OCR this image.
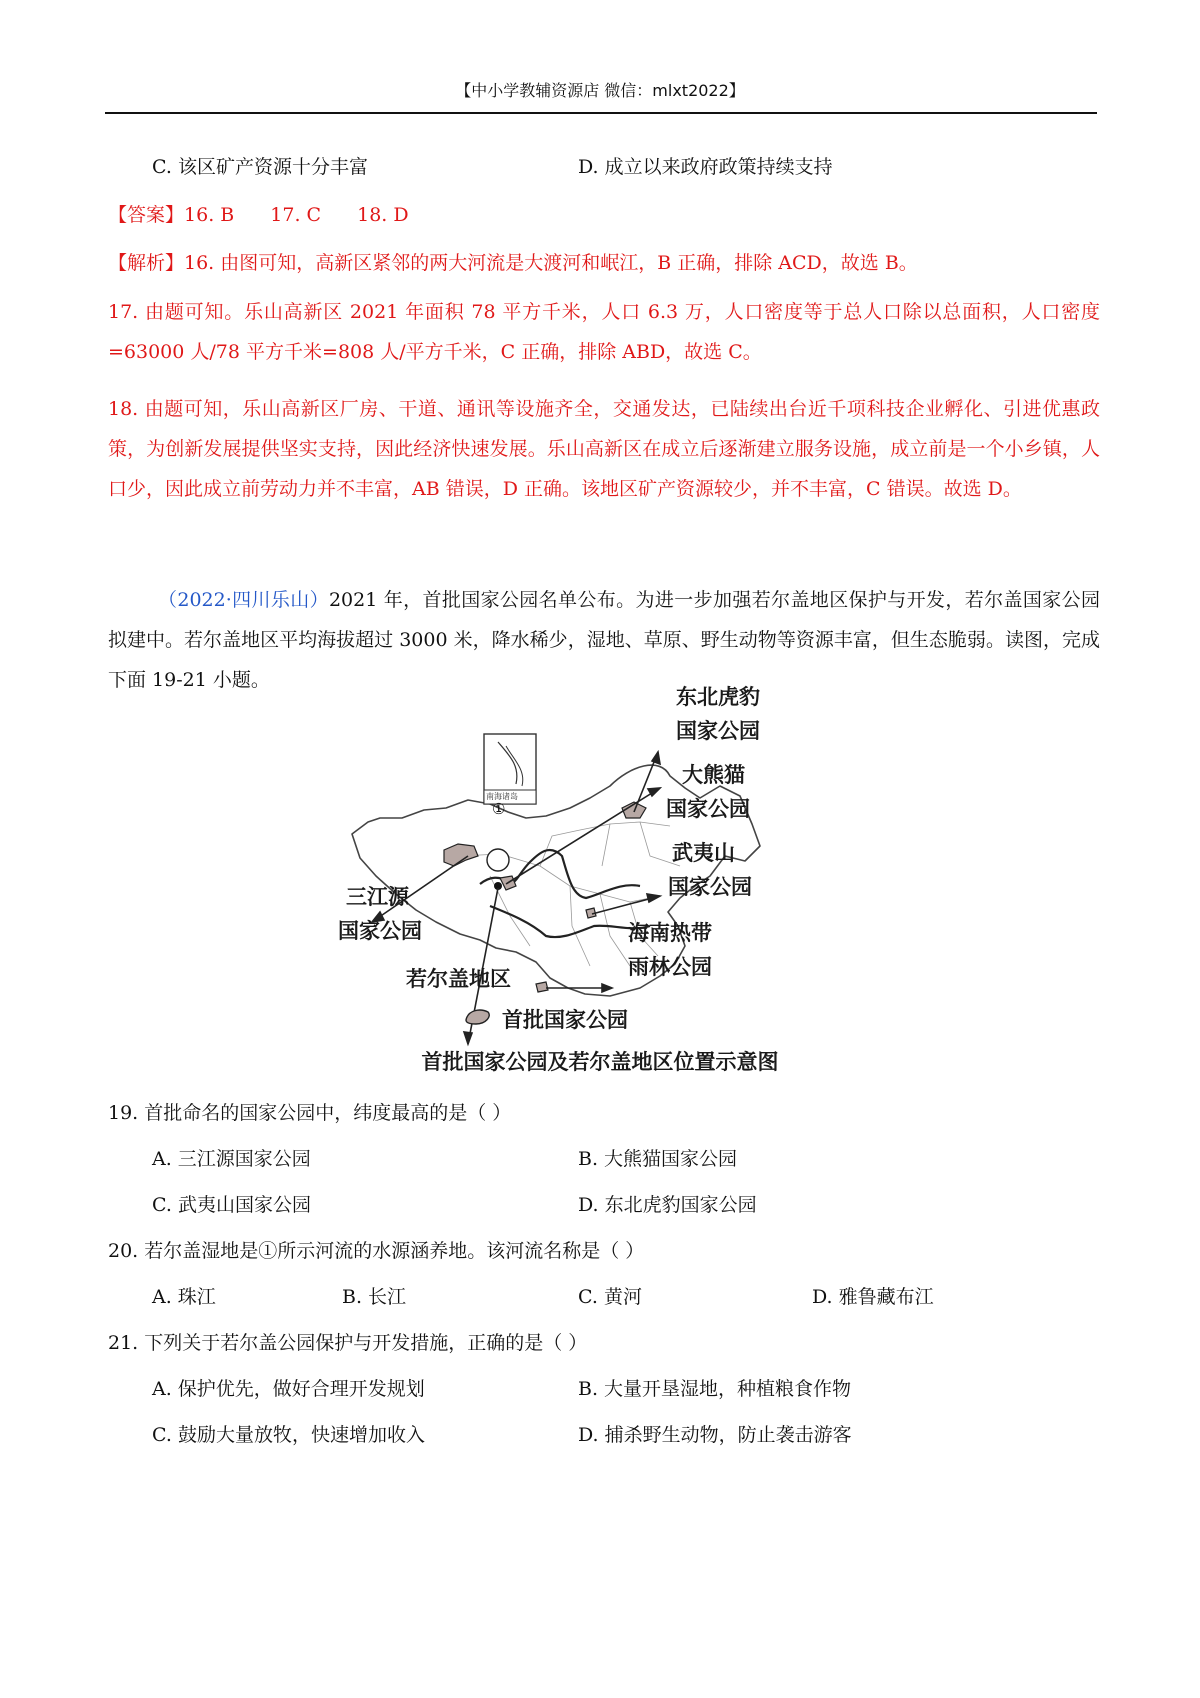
【中小学教辅资源店 微信：mlxt2022】
C. 该区矿产资源十分丰富	D. 成立以来政府政策持续支持
【答案】16. B 17. C 18. D
【解析】16. 由图可知，高新区紧邻的两大河流是大渡河和岷江，B 正确，排除 ACD，故选 B。
17. 由题可知。乐山高新区 2021 年面积 78 平方千米，人口 6.3 万，人口密度等于总人口除以总面积，人口密度=63000 人/78 平方千米=808 人/平方千米，C 正确，排除 ABD，故选 C。
18. 由题可知，乐山高新区厂房、干道、通讯等设施齐全，交通发达，已陆续出台近千项科技企业孵化、引进优惠政策，为创新发展提供坚实支持，因此经济快速发展。乐山高新区在成立后逐渐建立服务设施，成立前是一个小乡镇，人口少，因此成立前劳动力并不丰富，AB 错误，D 正确。该地区矿产资源较少，并不丰富，C 错误。故选 D。
（2022·四川乐山）2021 年，首批国家公园名单公布。为进一步加强若尔盖地区保护与开发，若尔盖国家公园拟建中。若尔盖地区平均海拔超过 3000 米，降水稀少，湿地、草原、野生动物等资源丰富，但生态脆弱。读图，完成下面 19-21 小题。
①
南海诸岛
东北虎豹
国家公园
大熊猫
国家公园
武夷山
国家公园
三江源
国家公园	海南热带
雨林公园
若尔盖地区
首批国家公园
首批国家公园及若尔盖地区位置示意图
19. 首批命名的国家公园中，纬度最高的是（ ）
A. 三江源国家公园	B. 大熊猫国家公园
C. 武夷山国家公园	D. 东北虎豹国家公园
20. 若尔盖湿地是①所示河流的水源涵养地。该河流名称是（ ）
A. 珠江	B. 长江	C. 黄河	D. 雅鲁藏布江
21. 下列关于若尔盖公园保护与开发措施，正确的是（ ）
A. 保护优先，做好合理开发规划	B. 大量开垦湿地，种植粮食作物
C. 鼓励大量放牧，快速增加收入	D. 捕杀野生动物，防止袭击游客
